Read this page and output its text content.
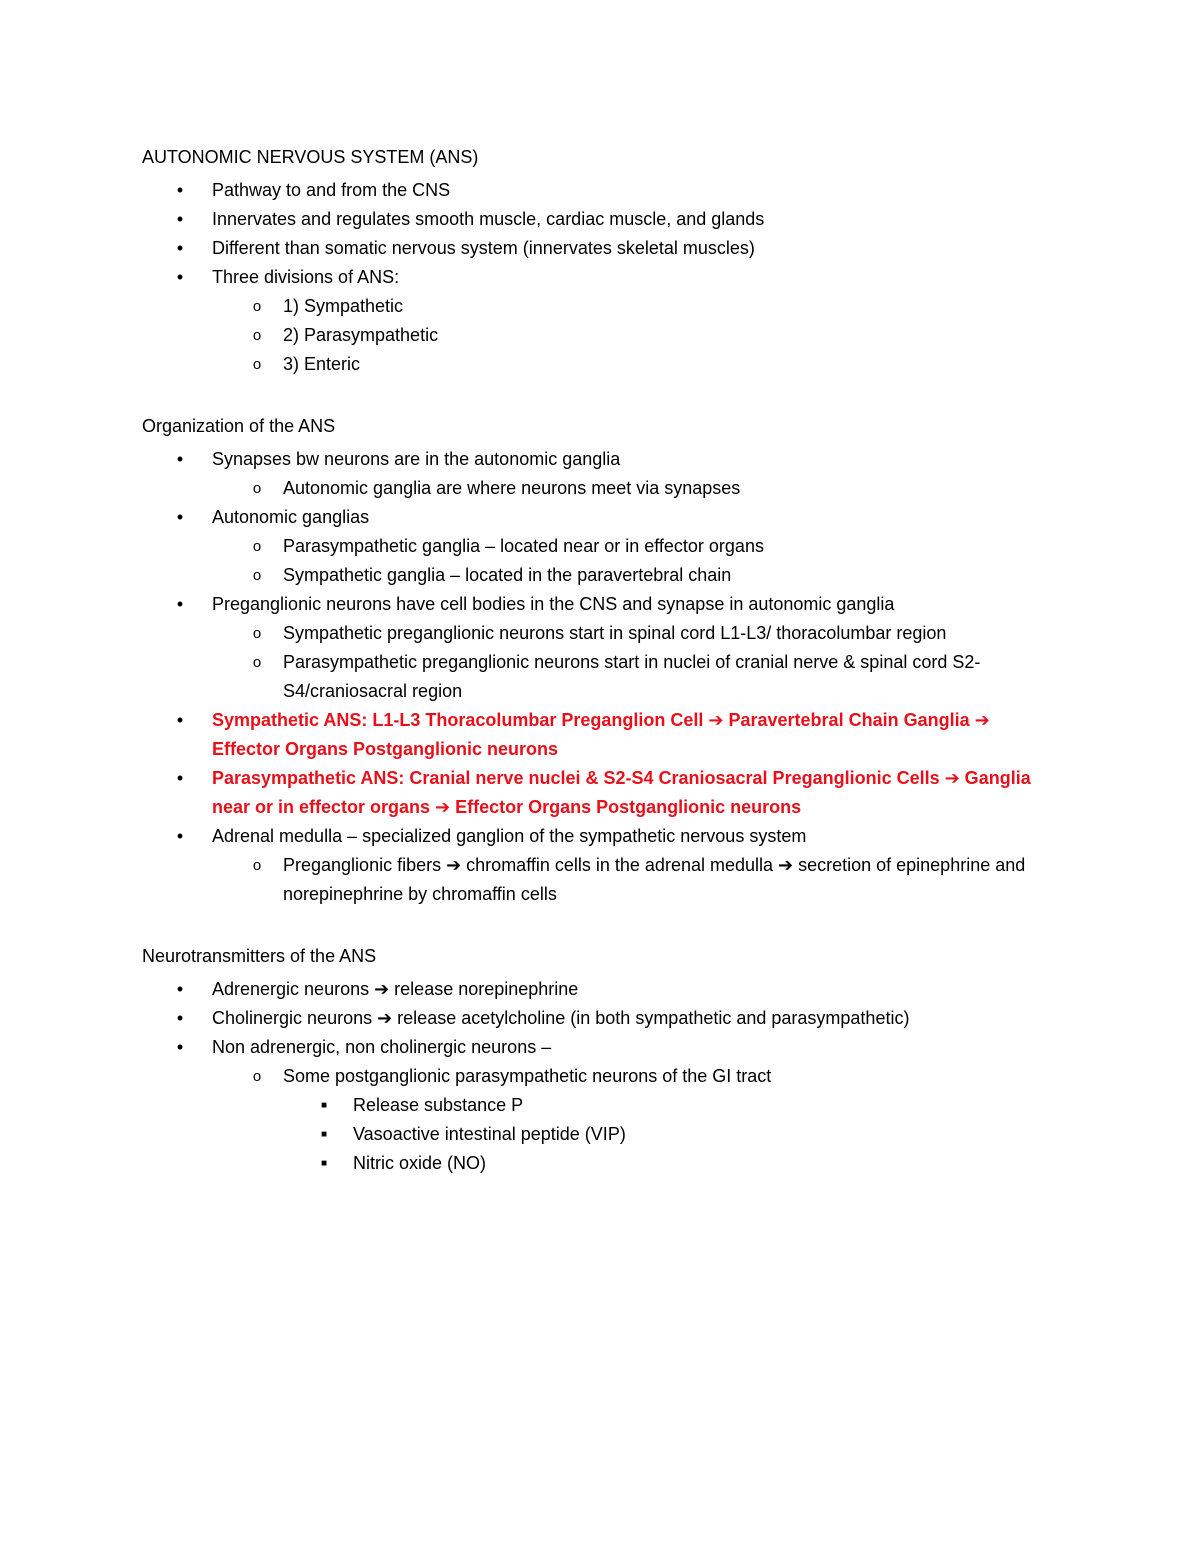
AUTONOMIC NERVOUS SYSTEM (ANS)
•	Pathway to and from the CNS
•	Innervates and regulates smooth muscle, cardiac muscle, and glands
•	Different than somatic nervous system (innervates skeletal muscles)
•	Three divisions of ANS:
o	1) Sympathetic
o	2) Parasympathetic
o	3) Enteric
Organization of the ANS
•	Synapses bw neurons are in the autonomic ganglia
o	Autonomic ganglia are where neurons meet via synapses
•	Autonomic ganglias
o	Parasympathetic ganglia – located near or in effector organs
o	Sympathetic ganglia – located in the paravertebral chain
•	Preganglionic neurons have cell bodies in the CNS and synapse in autonomic ganglia
o	Sympathetic preganglionic neurons start in spinal cord L1-L3/ thoracolumbar region
o	Parasympathetic preganglionic neurons start in nuclei of cranial nerve & spinal cord S2-S4/craniosacral region
•	Sympathetic ANS: L1-L3 Thoracolumbar Preganglion Cell ➔ Paravertebral Chain Ganglia ➔ Effector Organs Postganglionic neurons
•	Parasympathetic ANS: Cranial nerve nuclei & S2-S4 Craniosacral Preganglionic Cells ➔ Ganglia near or in effector organs ➔ Effector Organs Postganglionic neurons
•	Adrenal medulla – specialized ganglion of the sympathetic nervous system
o	Preganglionic fibers ➔ chromaffin cells in the adrenal medulla ➔ secretion of epinephrine and norepinephrine by chromaffin cells
Neurotransmitters of the ANS
•	Adrenergic neurons ➔ release norepinephrine
•	Cholinergic neurons ➔ release acetylcholine (in both sympathetic and parasympathetic)
•	Non adrenergic, non cholinergic neurons –
o	Some postganglionic parasympathetic neurons of the GI tract
■	Release substance P
■	Vasoactive intestinal peptide (VIP)
■	Nitric oxide (NO)
